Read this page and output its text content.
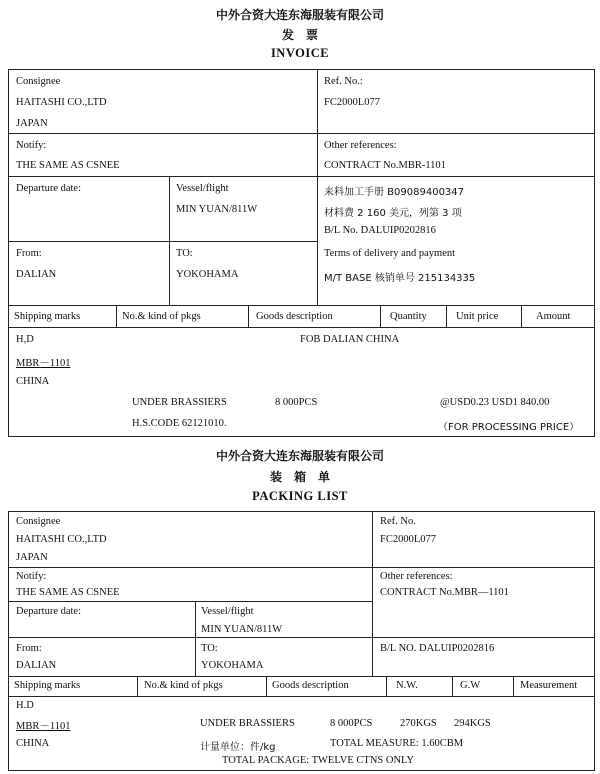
中外合资大连东海服装有限公司
发　票
INVOICE
Consignee
HAITASHI CO.,LTD
JAPAN
Ref. No.:
FC2000L077
Notify:
THE SAME AS CSNEE
Other references:
CONTRACT No.MBR-1101
Departure date:	Vessel/flight
MIN YUAN/811W
来料加工手册 B09089400347
材料费 2 160 美元，列第 3 项
B/L No. DALUIP0202816
From:
DALIAN
TO:
YOKOHAMA
Terms of delivery and payment
M/T BASE 核销单号 215134335
Shipping marks	No.& kind of pkgs	Goods description	Quantity	Unit price	Amount
H,D
MBR－1101
CHINA
FOB DALIAN CHINA
UNDER BRASSIERS	8 000PCS	@USD0.23 USD1 840.00
H.S.CODE 62121010.	（FOR PROCESSING PRICE）
中外合资大连东海服装有限公司
装　箱　单
PACKING LIST
Consignee
HAITASHI CO.,LTD
JAPAN
Ref. No.
FC2000L077
Notify:
THE SAME AS CSNEE
Other references:
CONTRACT No.MBR—1101
Departure date:	Vessel/flight
MIN YUAN/811W
From:
DALIAN
TO:
YOKOHAMA
B/L NO. DALUIP0202816
Shipping marks	No.& kind of pkgs	Goods description	N.W.	G.W	Measurement
H.D
MBR－1101
CHINA
UNDER BRASSIERS	8 000PCS	270KGS 294KGS
计量单位：件/kg	TOTAL MEASURE: 1.60CBM
TOTAL PACKAGE: TWELVE CTNS ONLY
